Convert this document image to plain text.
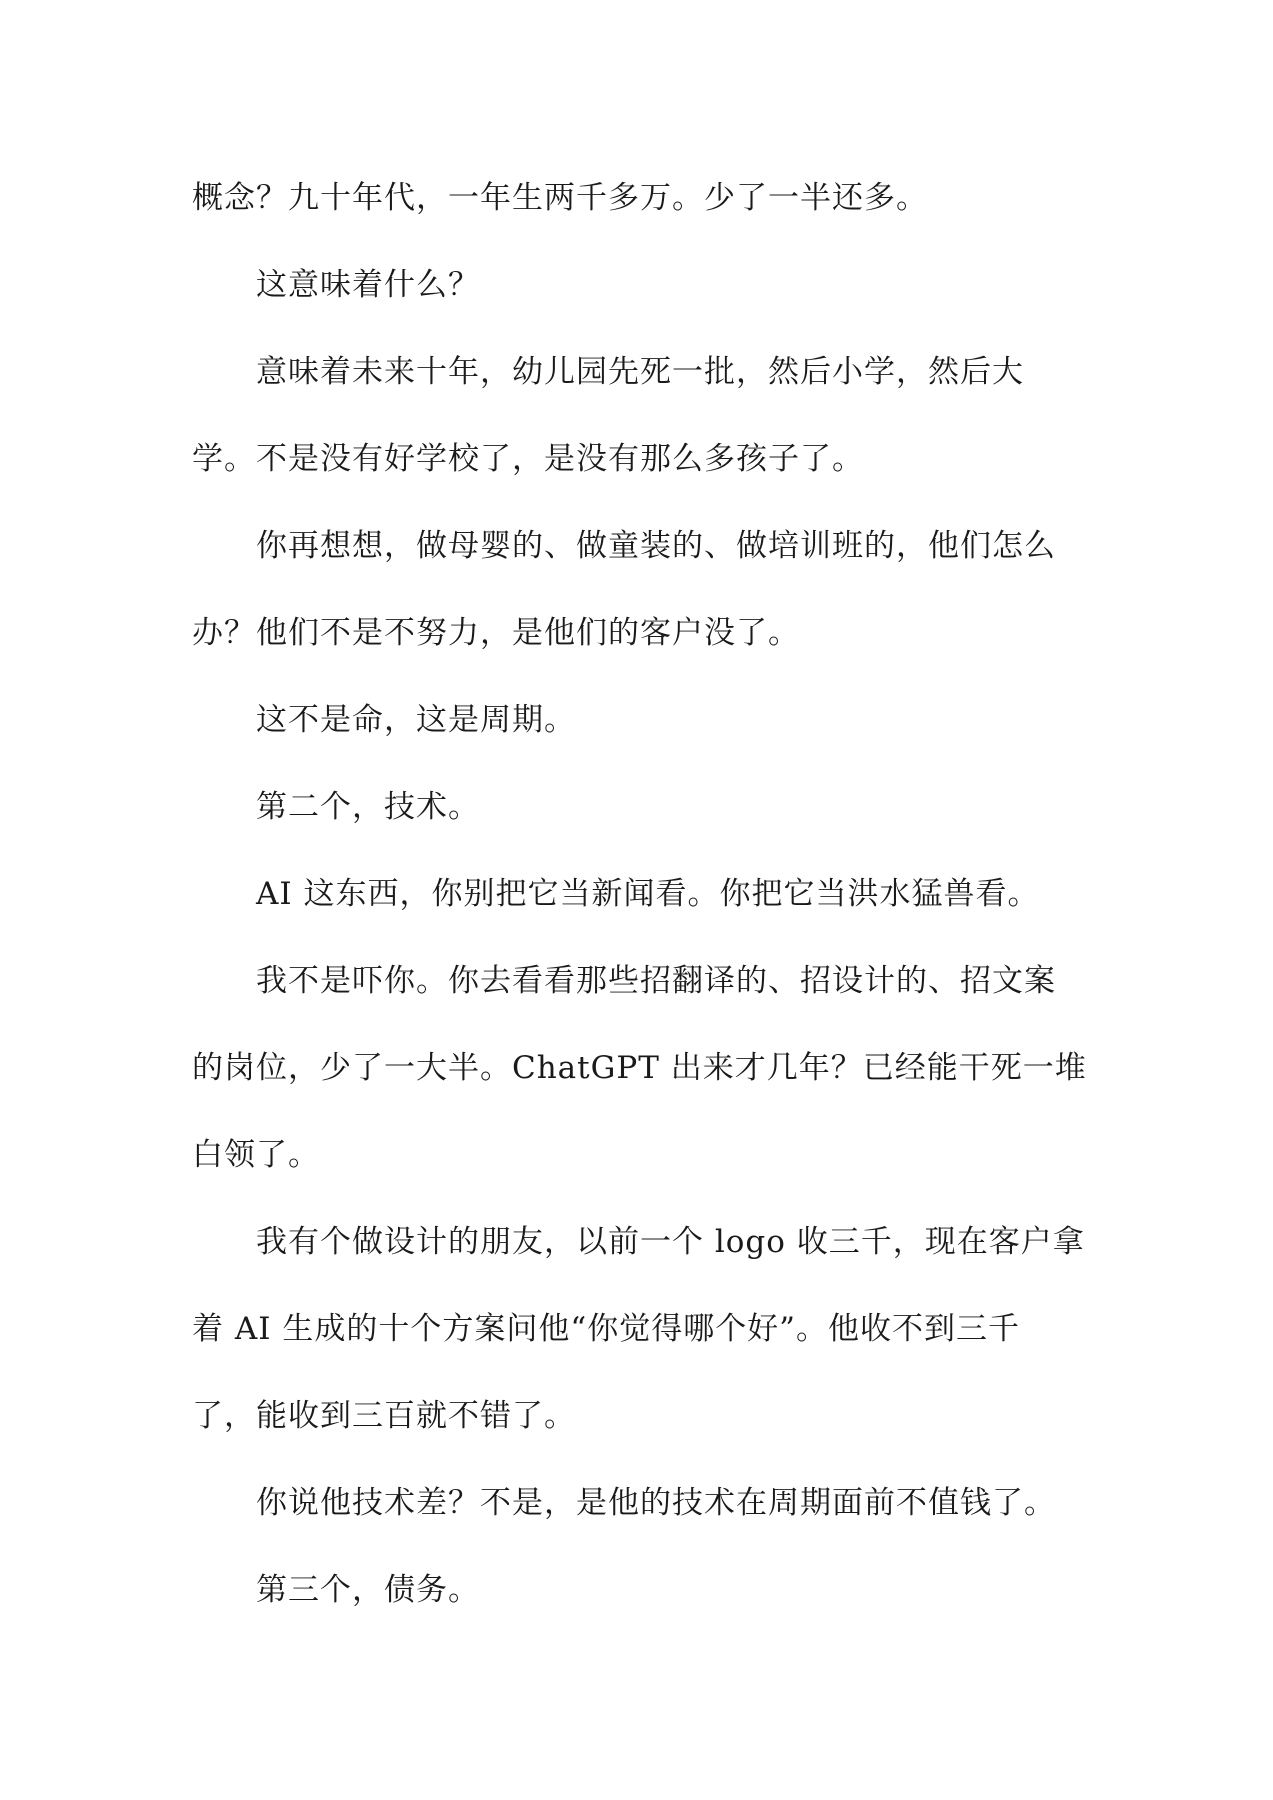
概念？九十年代，一年生两千多万。少了一半还多。
这意味着什么？
意味着未来十年，幼儿园先死一批，然后小学，然后大
学。不是没有好学校了，是没有那么多孩子了。
你再想想，做母婴的、做童装的、做培训班的，他们怎么
办？他们不是不努力，是他们的客户没了。
这不是命，这是周期。
第二个，技术。
AI 这东西，你别把它当新闻看。你把它当洪水猛兽看。
我不是吓你。你去看看那些招翻译的、招设计的、招文案
的岗位，少了一大半。ChatGPT 出来才几年？已经能干死一堆
白领了。
我有个做设计的朋友，以前一个 logo 收三千，现在客户拿
着 AI 生成的十个方案问他“你觉得哪个好”。他收不到三千
了，能收到三百就不错了。
你说他技术差？不是，是他的技术在周期面前不值钱了。
第三个，债务。
